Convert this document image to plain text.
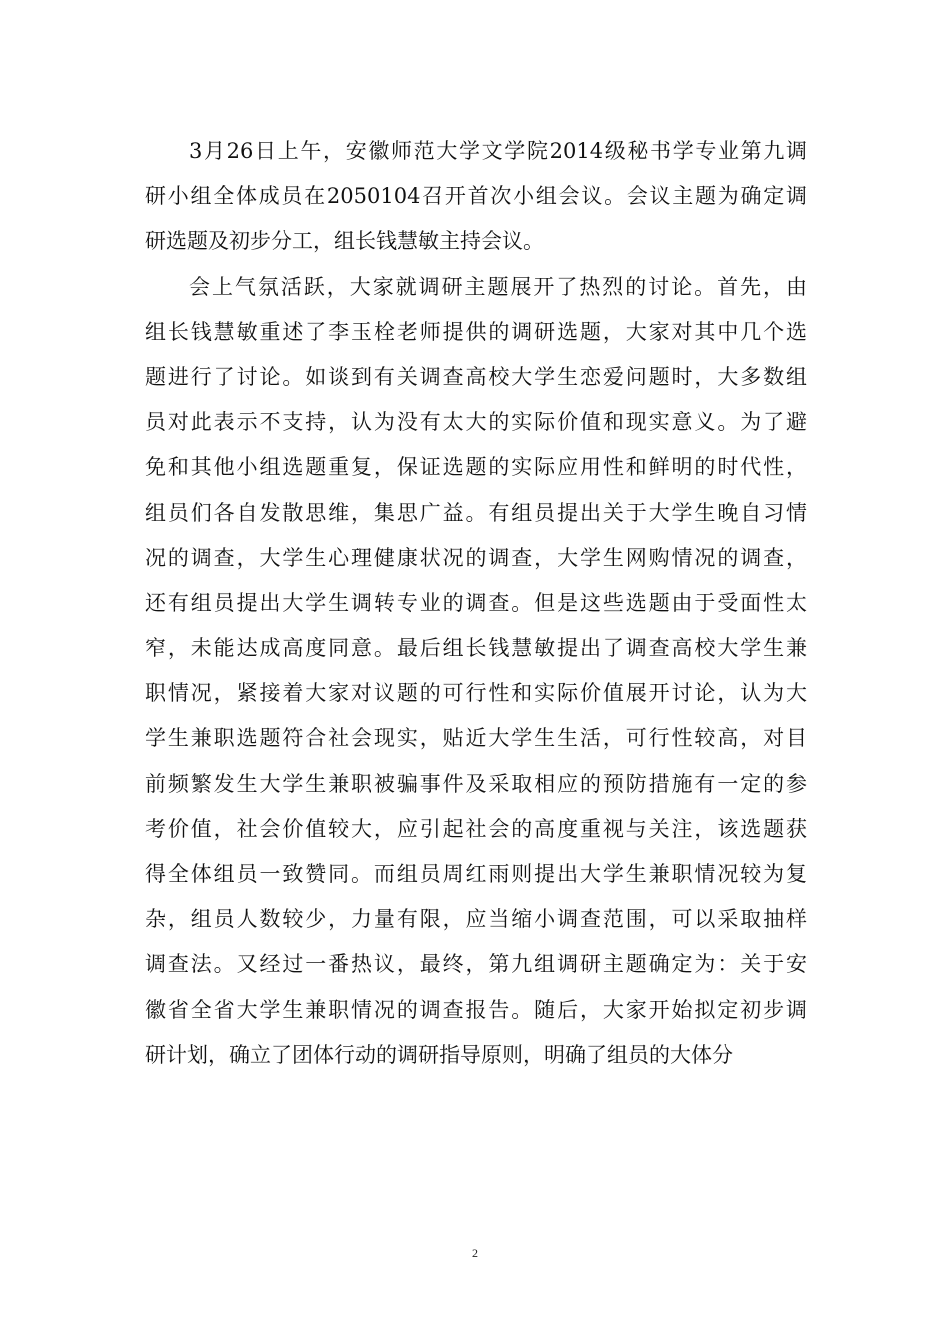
3月26日上午，安徽师范大学文学院2014级秘书学专业第九调
研小组全体成员在2050104召开首次小组会议。会议主题为确定调
研选题及初步分工，组长钱慧敏主持会议。
会上气氛活跃，大家就调研主题展开了热烈的讨论。首先，由
组长钱慧敏重述了李玉栓老师提供的调研选题，大家对其中几个选
题进行了讨论。如谈到有关调查高校大学生恋爱问题时，大多数组
员对此表示不支持，认为没有太大的实际价值和现实意义。为了避
免和其他小组选题重复，保证选题的实际应用性和鲜明的时代性，
组员们各自发散思维，集思广益。有组员提出关于大学生晚自习情
况的调查，大学生心理健康状况的调查，大学生网购情况的调查，
还有组员提出大学生调转专业的调查。但是这些选题由于受面性太
窄，未能达成高度同意。最后组长钱慧敏提出了调查高校大学生兼
职情况，紧接着大家对议题的可行性和实际价值展开讨论，认为大
学生兼职选题符合社会现实，贴近大学生生活，可行性较高，对目
前频繁发生大学生兼职被骗事件及采取相应的预防措施有一定的参
考价值，社会价值较大，应引起社会的高度重视与关注，该选题获
得全体组员一致赞同。而组员周红雨则提出大学生兼职情况较为复
杂，组员人数较少，力量有限，应当缩小调查范围，可以采取抽样
调查法。又经过一番热议，最终，第九组调研主题确定为：关于安
徽省全省大学生兼职情况的调查报告。随后，大家开始拟定初步调
研计划，确立了团体行动的调研指导原则，明确了组员的大体分
2
